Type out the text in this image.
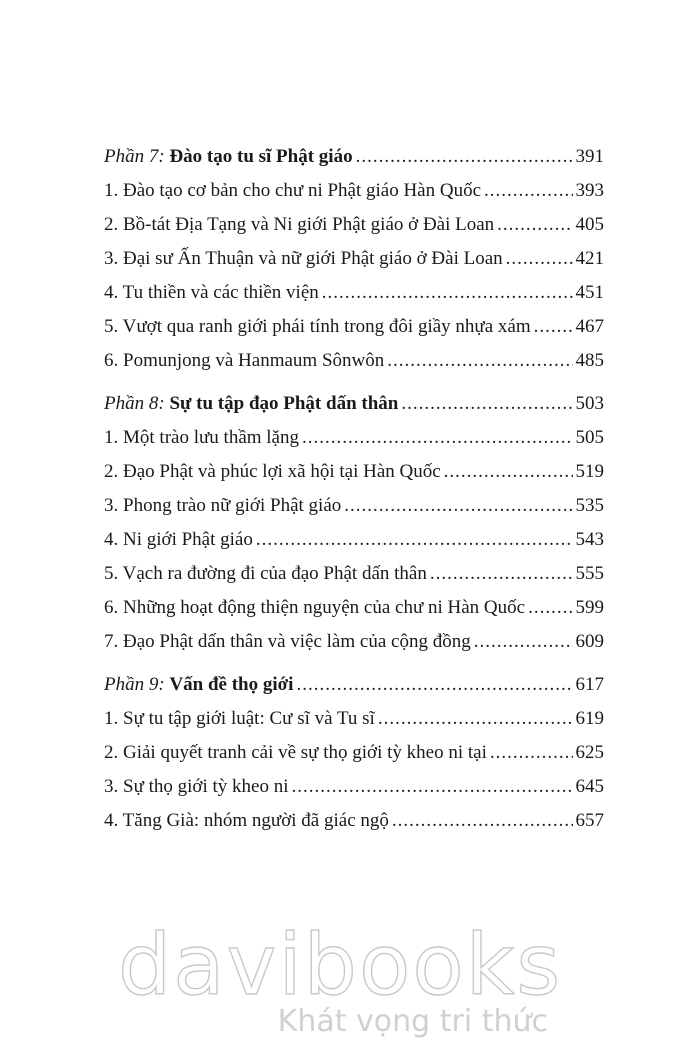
Phần 7: Đào tạo tu sĩ Phật giáo .....	391
1. Đào tạo cơ bản cho chư ni Phật giáo Hàn Quốc .....	393
2. Bồ-tát Địa Tạng và Ni giới Phật giáo ở Đài Loan .....	405
3. Đại sư Ấn Thuận và nữ giới Phật giáo ở Đài Loan .....	421
4. Tu thiền và các thiền viện .....	451
5. Vượt qua ranh giới phái tính trong đôi giầy nhựa xám ..... 467
6. Pomunjong và Hanmaum Sônwôn .....	485
Phần 8: Sự tu tập đạo Phật dấn thân .....	503
1. Một trào lưu thầm lặng .....	505
2. Đạo Phật và phúc lợi xã hội tại Hàn Quốc .....	519
3. Phong trào nữ giới Phật giáo .....	535
4. Ni giới Phật giáo .....	543
5. Vạch ra đường đi của đạo Phật dấn thân .....	555
6. Những hoạt động thiện nguyện của chư ni Hàn Quốc .....	599
7. Đạo Phật dấn thân và việc làm của cộng đồng .....	609
Phần 9: Vấn đề thọ giới .....	617
1. Sự tu tập giới luật: Cư sĩ và Tu sĩ .....	619
2. Giải quyết tranh cải về sự thọ giới tỳ kheo ni tại .....	625
3. Sự thọ giới tỳ kheo ni .....	645
4. Tăng Già: nhóm người đã giác ngộ .....	657
davibooks
Khát vọng tri thức
